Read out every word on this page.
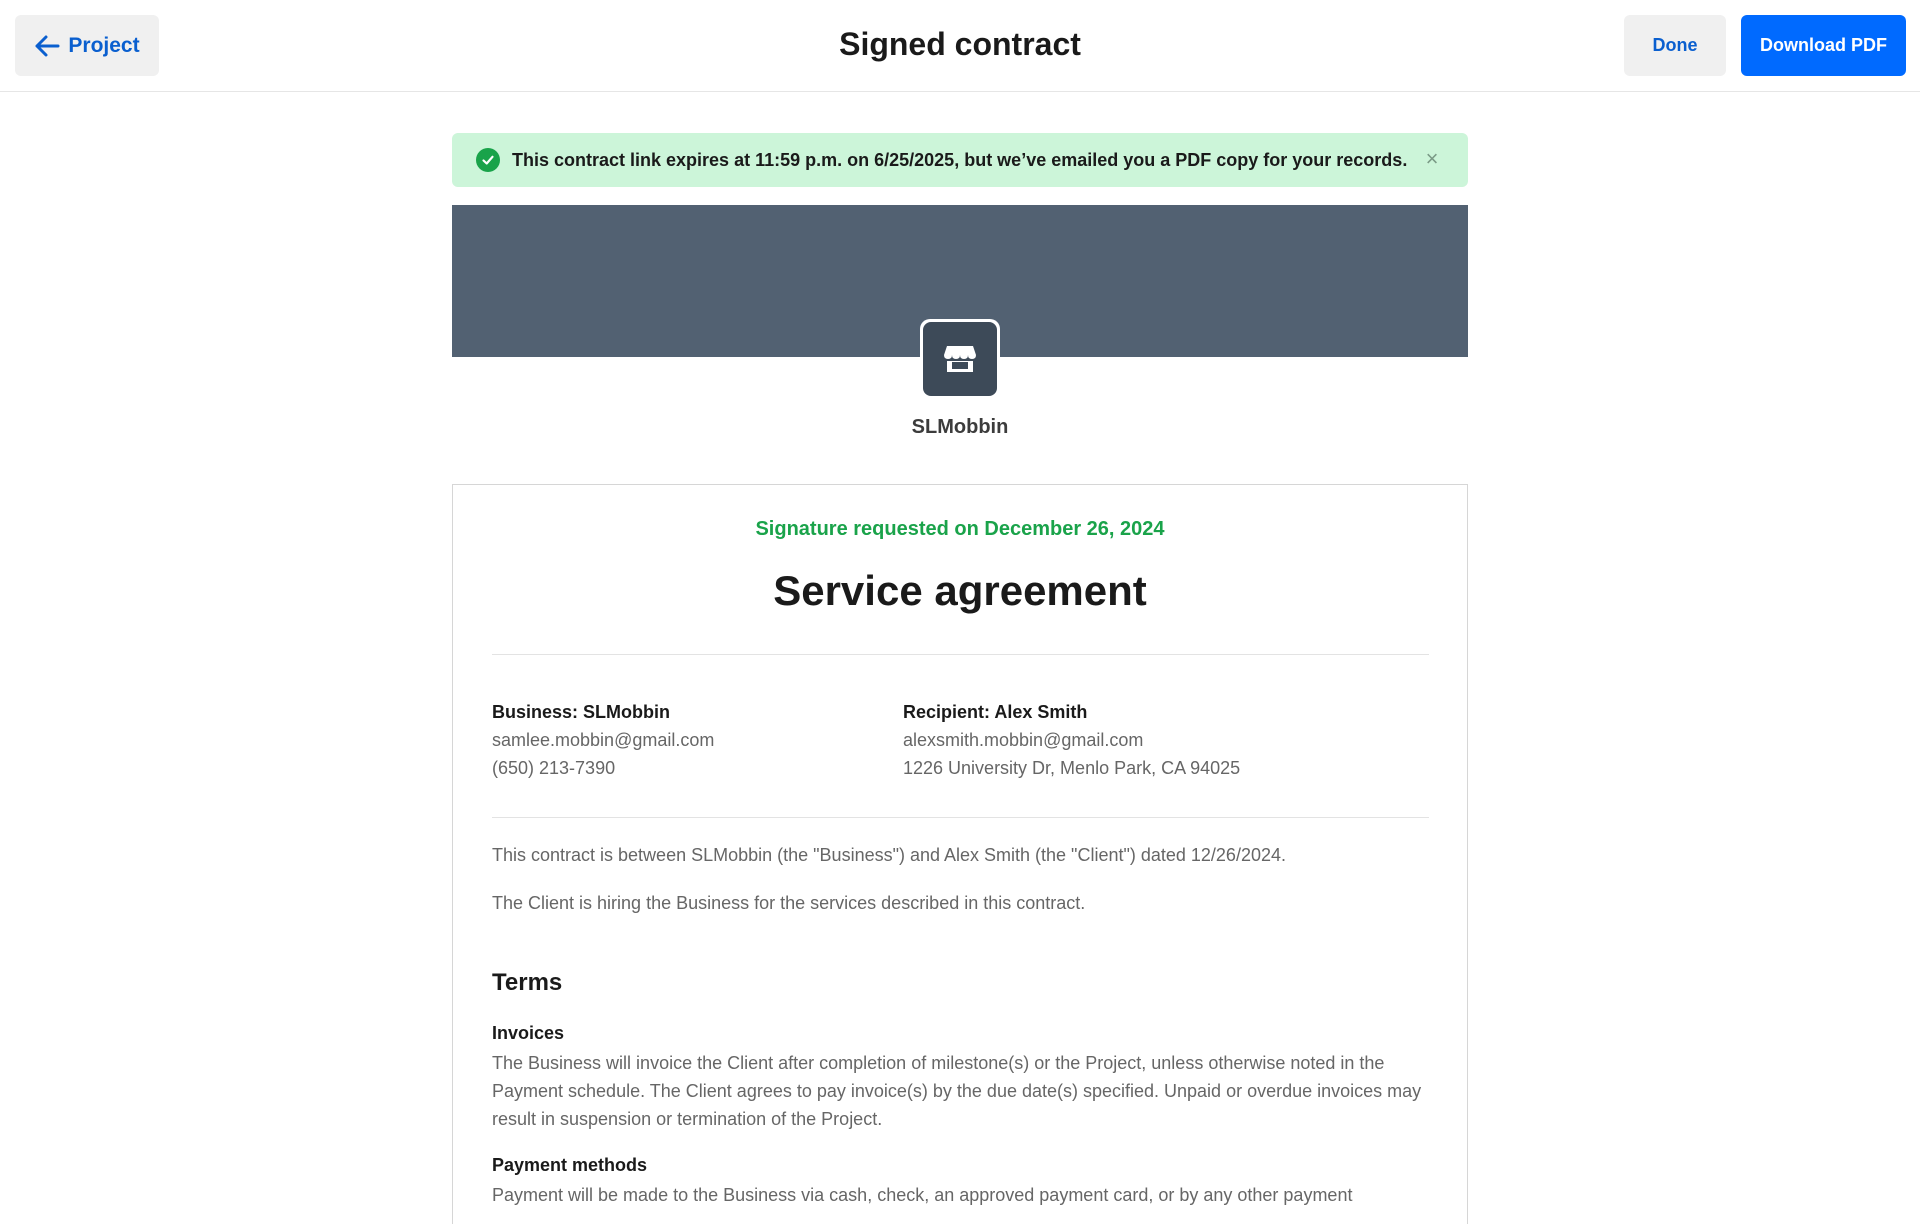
Project	Signed contract	Done	Download PDF
This contract link expires at 11:59 p.m. on 6/25/2025, but we’ve emailed you a PDF copy for your records. ×
SLMobbin
Signature requested on December 26, 2024
Service agreement
Business: SLMobbin
samlee.mobbin@gmail.com
(650) 213-7390
Recipient: Alex Smith
alexsmith.mobbin@gmail.com
1226 University Dr, Menlo Park, CA 94025
This contract is between SLMobbin (the "Business") and Alex Smith (the "Client") dated 12/26/2024.
The Client is hiring the Business for the services described in this contract.
Terms
Invoices
The Business will invoice the Client after completion of milestone(s) or the Project, unless otherwise noted in the Payment schedule. The Client agrees to pay invoice(s) by the due date(s) specified. Unpaid or overdue invoices may result in suspension or termination of the Project.
Payment methods
Payment will be made to the Business via cash, check, an approved payment card, or by any other payment
